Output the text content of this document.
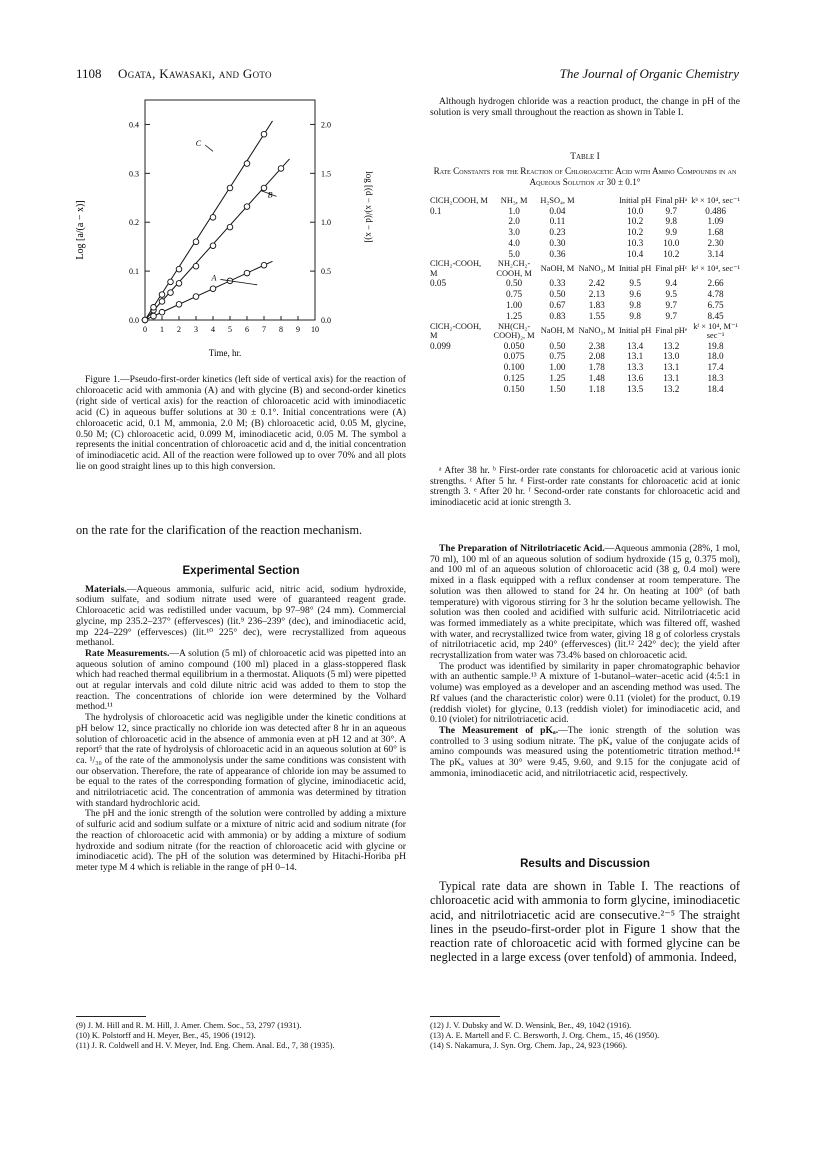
1108 Ogata, Kawasaki, and Goto	The Journal of Organic Chemistry
0.0
0.1
0.2
0.3
0.4
0.0
0.5
1.0
1.5
2.0
0 1 2 3 4 5 6 7 8 9 10
A
B
C
Log [a/(a − x)]	log [(d − x)/(d − x)]
Time, hr.

Figure 1.—Pseudo-first-order kinetics (left side of vertical axis) for the reaction of chloroacetic acid with ammonia (A) and with glycine (B) and second-order kinetics (right side of vertical axis) for the reaction of chloroacetic acid with iminodiacetic acid (C) in aqueous buffer solutions at 30 ± 0.1°. Initial concentrations were (A) chloroacetic acid, 0.1 M, ammonia, 2.0 M; (B) chloroacetic acid, 0.05 M, glycine, 0.50 M; (C) chloroacetic acid, 0.099 M, iminodiacetic acid, 0.05 M. The symbol a represents the initial concentration of chloroacetic acid and d, the initial concentration of iminodiacetic acid. All of the reaction were followed up to over 70% and all plots lie on good straight lines up to this high conversion.

on the rate for the clarification of the reaction mechanism.

Experimental Section

Materials.—Aqueous ammonia, sulfuric acid, nitric acid, sodium hydroxide, sodium sulfate, and sodium nitrate used were of guaranteed reagent grade. Chloroacetic acid was redistilled under vacuum, bp 97–98° (24 mm). Commercial glycine, mp 235.2–237° (effervesces) (lit.⁹ 236–239° (dec), and iminodiacetic acid, mp 224–229° (effervesces) (lit.¹⁰ 225° dec), were recrystallized from aqueous methanol.

Rate Measurements.—A solution (5 ml) of chloroacetic acid was pipetted into an aqueous solution of amino compound (100 ml) placed in a glass-stoppered flask which had reached thermal equilibrium in a thermostat. Aliquots (5 ml) were pipetted out at regular intervals and cold dilute nitric acid was added to them to stop the reaction. The concentrations of chloride ion were determined by the Volhard method.¹¹

The hydrolysis of chloroacetic acid was negligible under the kinetic conditions at pH below 12, since practically no chloride ion was detected after 8 hr in an aqueous solution of chloroacetic acid in the absence of ammonia even at pH 12 and at 30°. A report⁵ that the rate of hydrolysis of chloroacetic acid in an aqueous solution at 60° is ca. ¹/₃₀ of the rate of the ammonolysis under the same conditions was consistent with our observation. Therefore, the rate of appearance of chloride ion may be assumed to be equal to the rates of the corresponding formation of glycine, iminodiacetic acid, and nitrilotriacetic acid. The concentration of ammonia was determined by titration with standard hydrochloric acid.

The pH and the ionic strength of the solution were controlled by adding a mixture of sulfuric acid and sodium sulfate or a mixture of nitric acid and sodium nitrate (for the reaction of chloroacetic acid with ammonia) or by adding a mixture of sodium hydroxide and sodium nitrate (for the reaction of chloroacetic acid with glycine or iminodiacetic acid). The pH of the solution was determined by Hitachi-Horiba pH meter type M 4 which is reliable in the range of pH 0–14.

(9) J. M. Hill and R. M. Hill, J. Amer. Chem. Soc., 53, 2797 (1931).
(10) K. Polstorff and H. Meyer, Ber., 45, 1906 (1912).
(11) J. R. Coldwell and H. V. Meyer, Ind. Eng. Chem. Anal. Ed., 7, 38 (1935).

Although hydrogen chloride was a reaction product, the change in pH of the solution is very small throughout the reaction as shown in Table I.

Table I
Rate Constants for the Reaction of Chloroacetic Acid with Amino Compounds in an Aqueous Solution at 30 ± 0.1°
ClCH₂COOH, M	NH₃, M	H₂SO₄, M		Initial pH	Final pHᵃ	kᵇ × 10⁴, sec⁻¹
0.1	1.0	0.04		10.0	9.7	0.486
	2.0	0.11		10.2	9.8	1.09
	3.0	0.23		10.2	9.9	1.68
	4.0	0.30		10.3	10.0	2.30
	5.0	0.36		10.4	10.2	3.14
ClCH₂-COOH, M	NH₂CH₂-COOH, M	NaOH, M	NaNO₃, M	Initial pH	Final pHᶜ	kᵈ × 10⁴, sec⁻¹
0.05	0.50	0.33	2.42	9.5	9.4	2.66
	0.75	0.50	2.13	9.6	9.5	4.78
	1.00	0.67	1.83	9.8	9.7	6.75
	1.25	0.83	1.55	9.8	9.7	8.45
ClCH₂-COOH, M	NH(CH₂-COOH)₂, M	NaOH, M	NaNO₃, M	Initial pH	Final pHᵉ	kᶠ × 10⁴, M⁻¹ sec⁻¹
0.099	0.050	0.50	2.38	13.4	13.2	19.8
	0.075	0.75	2.08	13.1	13.0	18.0
	0.100	1.00	1.78	13.3	13.1	17.4
	0.125	1.25	1.48	13.6	13.1	18.3
	0.150	1.50	1.18	13.5	13.2	18.4

ᵃ After 38 hr. ᵇ First-order rate constants for chloroacetic acid at various ionic strengths. ᶜ After 5 hr. ᵈ First-order rate constants for chloroacetic acid at ionic strength 3. ᵉ After 20 hr. ᶠ Second-order rate constants for chloroacetic acid and iminodiacetic acid at ionic strength 3.

The Preparation of Nitrilotriacetic Acid.—Aqueous ammonia (28%, 1 mol, 70 ml), 100 ml of an aqueous solution of sodium hydroxide (15 g, 0.375 mol), and 100 ml of an aqueous solution of chloroacetic acid (38 g, 0.4 mol) were mixed in a flask equipped with a reflux condenser at room temperature. The solution was then allowed to stand for 24 hr. On heating at 100° (of bath temperature) with vigorous stirring for 3 hr the solution became yellowish. The solution was then cooled and acidified with sulfuric acid. Nitrilotriacetic acid was formed immediately as a white precipitate, which was filtered off, washed with water, and recrystallized twice from water, giving 18 g of colorless crystals of nitrilotriacetic acid, mp 240° (effervesces) (lit.¹² 242° dec); the yield after recrystallization from water was 73.4% based on chloroacetic acid.

The product was identified by similarity in paper chromatographic behavior with an authentic sample.¹³ A mixture of 1-butanol–water–acetic acid (4:5:1 in volume) was employed as a developer and an ascending method was used. The Rf values (and the characteristic color) were 0.11 (violet) for the product, 0.19 (reddish violet) for glycine, 0.13 (reddish violet) for iminodiacetic acid, and 0.10 (violet) for nitrilotriacetic acid.

The Measurement of pKₐ.—The ionic strength of the solution was controlled to 3 using sodium nitrate. The pKₐ value of the conjugate acids of amino compounds was measured using the potentiometric titration method.¹⁴ The pKₐ values at 30° were 9.45, 9.60, and 9.15 for the conjugate acid of ammonia, iminodiacetic acid, and nitrilotriacetic acid, respectively.

Results and Discussion

Typical rate data are shown in Table I. The reactions of chloroacetic acid with ammonia to form glycine, iminodiacetic acid, and nitrilotriacetic acid are consecutive.²⁻⁵ The straight lines in the pseudo-first-order plot in Figure 1 show that the reaction rate of chloroacetic acid with formed glycine can be neglected in a large excess (over tenfold) of ammonia. Indeed,

(12) J. V. Dubsky and W. D. Wensink, Ber., 49, 1042 (1916).
(13) A. E. Martell and F. C. Bersworth, J. Org. Chem., 15, 46 (1950).
(14) S. Nakamura, J. Syn. Org. Chem. Jap., 24, 923 (1966).
